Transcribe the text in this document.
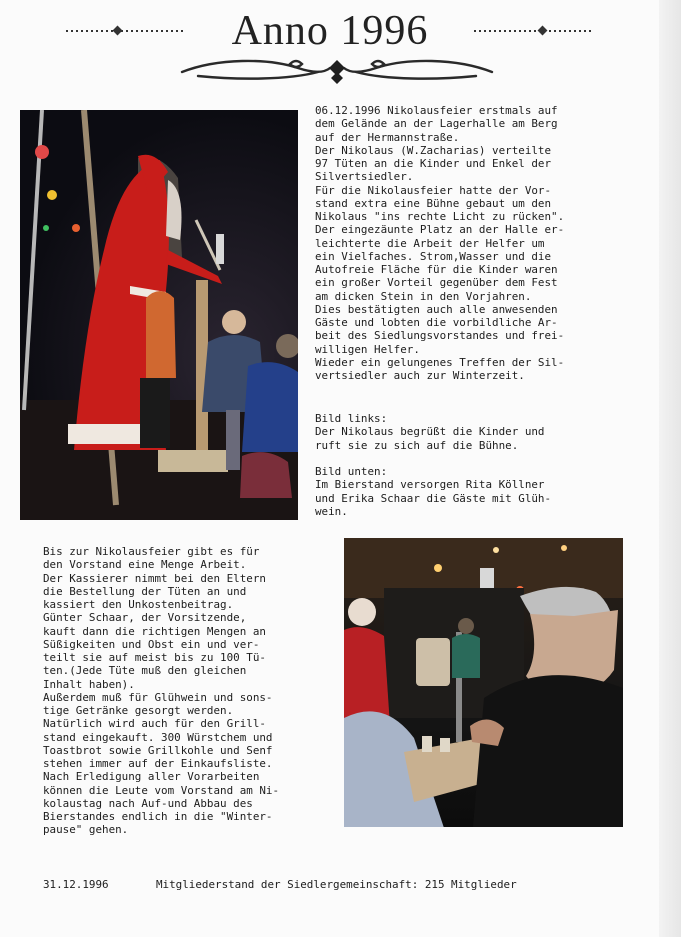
Anno 1996
06.12.1996 Nikolausfeier erstmals auf
dem Gelände an der Lagerhalle am Berg
auf der Hermannstraße.
Der Nikolaus (W.Zacharias) verteilte
97 Tüten an die Kinder und Enkel der
Silvertsiedler.
Für die Nikolausfeier hatte der Vor-
stand extra eine Bühne gebaut um den
Nikolaus "ins rechte Licht zu rücken".
Der eingezäunte Platz an der Halle er-
leichterte die Arbeit der Helfer um
ein Vielfaches. Strom,Wasser und die
Autofreie Fläche für die Kinder waren
ein großer Vorteil gegenüber dem Fest
am dicken Stein in den Vorjahren.
Dies bestätigten auch alle anwesenden
Gäste und lobten die vorbildliche Ar-
beit des Siedlungsvorstandes und frei-
willigen Helfer.
Wieder ein gelungenes Treffen der Sil-
vertsiedler auch zur Winterzeit.
Bild links:
Der Nikolaus begrüßt die Kinder und
ruft sie zu sich auf die Bühne.
Bild unten:
Im Bierstand versorgen Rita Köllner
und Erika Schaar die Gäste mit Glüh-
wein.
Bis zur Nikolausfeier gibt es für
den Vorstand eine Menge Arbeit.
Der Kassierer nimmt bei den Eltern
die Bestellung der Tüten an und
kassiert den Unkostenbeitrag.
Günter Schaar, der Vorsitzende,
kauft dann die richtigen Mengen an
Süßigkeiten und Obst ein und ver-
teilt sie auf meist bis zu 100 Tü-
ten.(Jede Tüte muß den gleichen
Inhalt haben).
Außerdem muß für Glühwein und sons-
tige Getränke gesorgt werden.
Natürlich wird auch für den Grill-
stand eingekauft. 300 Würstchem und
Toastbrot sowie Grillkohle und Senf
stehen immer auf der Einkaufsliste.
Nach Erledigung aller Vorarbeiten
können die Leute vom Vorstand am Ni-
kolaustag nach Auf-und Abbau des
Bierstandes endlich in die "Winter-
pause" gehen.
31.12.1996	Mitgliederstand der Siedlergemeinschaft: 215 Mitglieder
